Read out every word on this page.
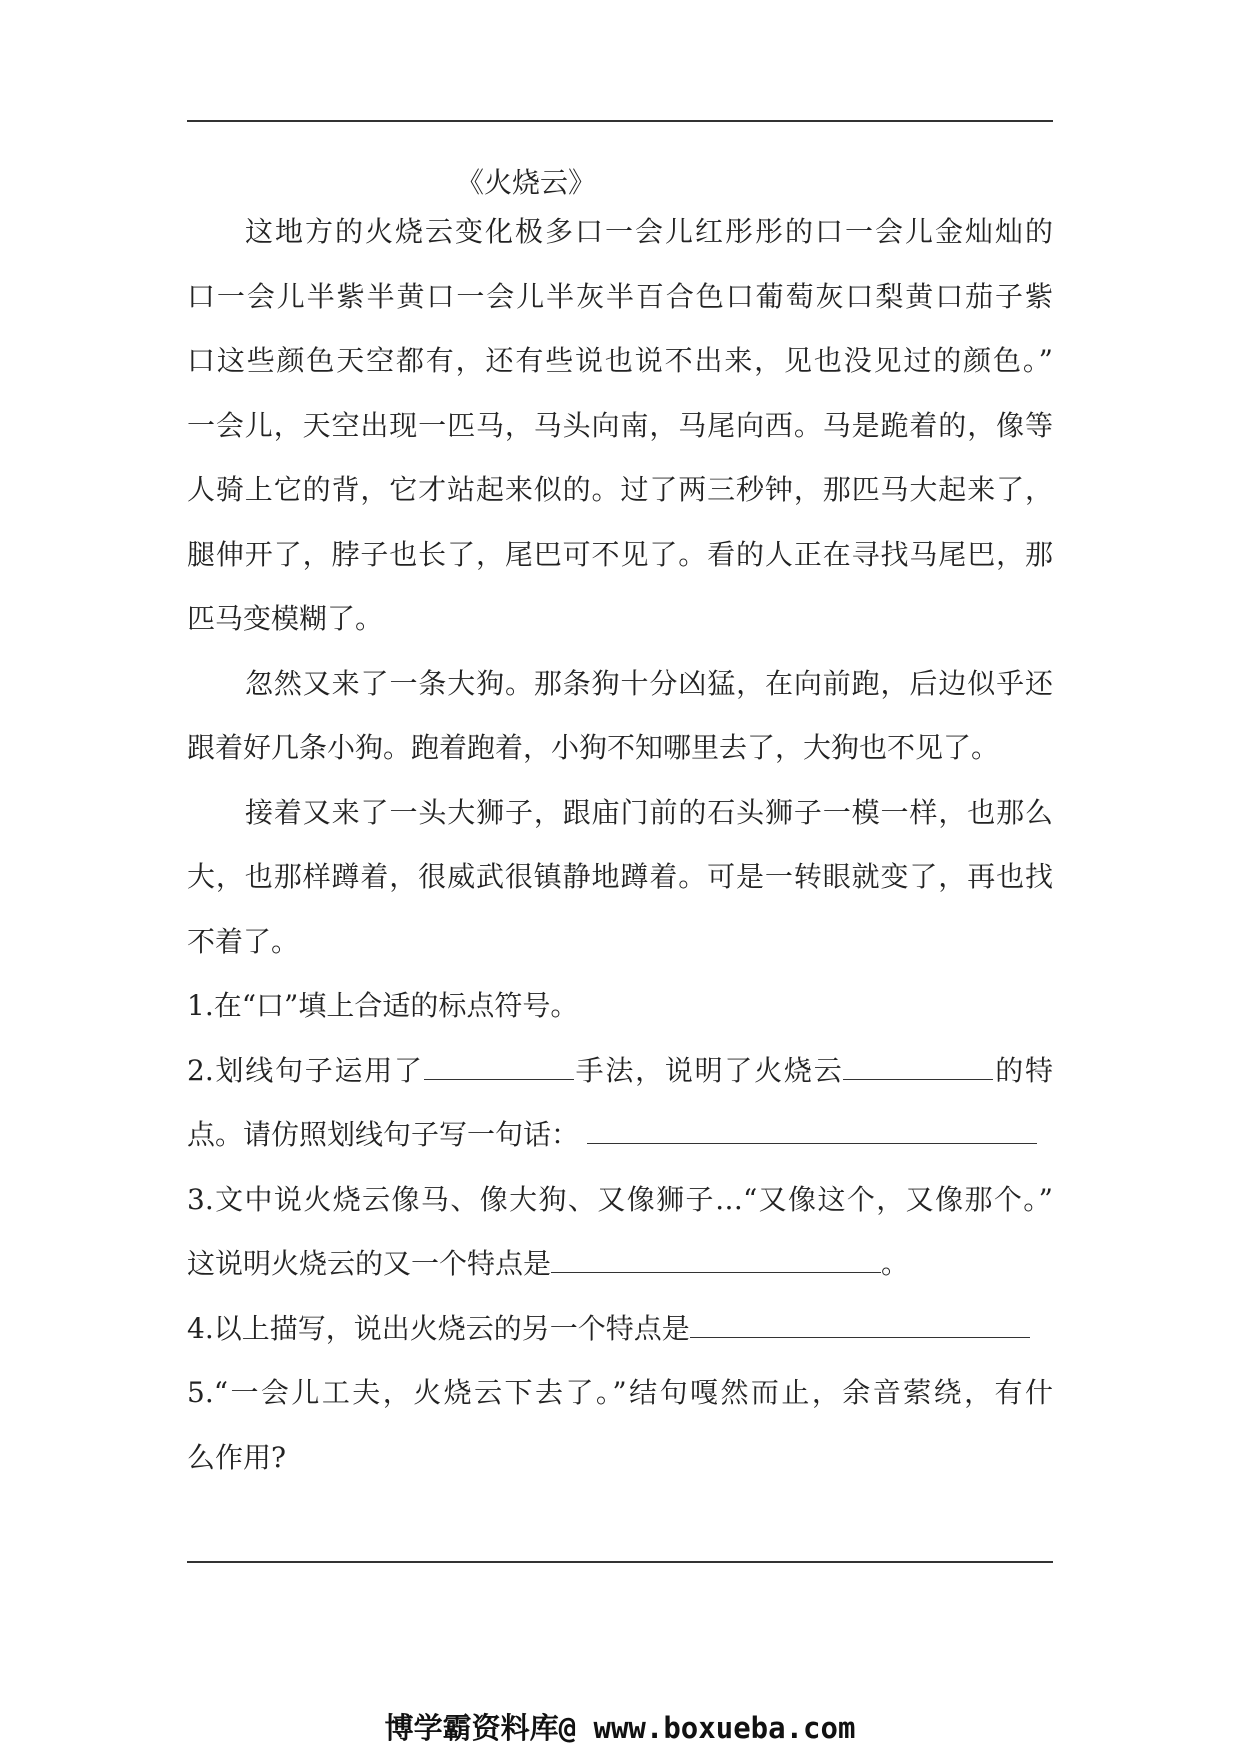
《火烧云》
这地方的火烧云变化极多口一会儿红彤彤的口一会儿金灿灿的
口一会儿半紫半黄口一会儿半灰半百合色口葡萄灰口梨黄口茄子紫
口这些颜色天空都有，还有些说也说不出来，见也没见过的颜色。”
一会儿，天空出现一匹马，马头向南，马尾向西。马是跪着的，像等
人骑上它的背，它才站起来似的。过了两三秒钟，那匹马大起来了，
腿伸开了，脖子也长了，尾巴可不见了。看的人正在寻找马尾巴，那
匹马变模糊了。
忽然又来了一条大狗。那条狗十分凶猛，在向前跑，后边似乎还
跟着好几条小狗。跑着跑着，小狗不知哪里去了，大狗也不见了。
接着又来了一头大狮子，跟庙门前的石头狮子一模一样，也那么
大，也那样蹲着，很威武很镇静地蹲着。可是一转眼就变了，再也找
不着了。
1.在“口”填上合适的标点符号。
2.划线句子运用了	手法，说明了火烧云	的特
点。请仿照划线句子写一句话：
3.文中说火烧云像马、像大狗、又像狮子…“又像这个，又像那个。”
这说明火烧云的又一个特点是	。
4.以上描写，说出火烧云的另一个特点是
5.“一会儿工夫，火烧云下去了。”结句嘎然而止，余音萦绕，有什
么作用?
博学霸资料库@ www.boxueba.com
